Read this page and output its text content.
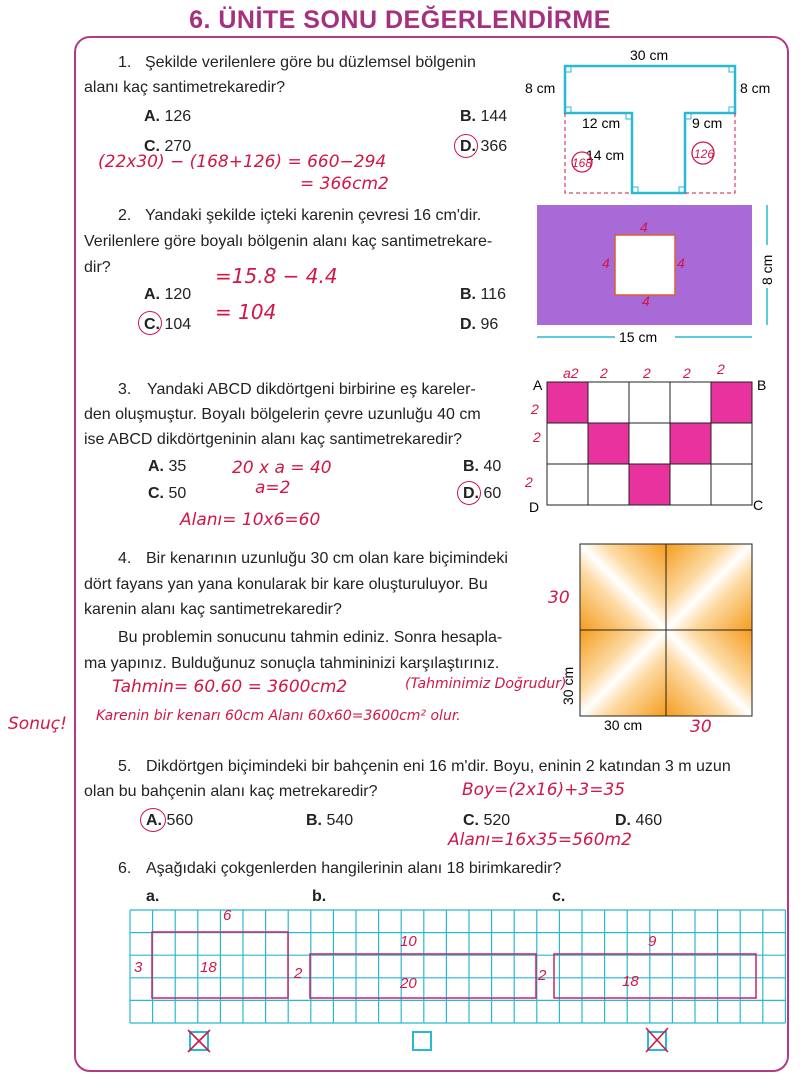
6. ÜNİTE SONU DEĞERLENDİRME
1. Şekilde verilenlere göre bu düzlemsel bölgenin
alanı kaç santimetrekaredir?
A. 126	B. 144
C. 270	D. 366
(22x30) − (168+126) = 660−294
= 366cm2
30 cm
8 cm	8 cm
12 cm	9 cm
14 cm
168
126
2. Yandaki şekilde içteki karenin çevresi 16 cm'dir.
Verilenlere göre boyalı bölgenin alanı kaç santimetrekare-
dir?
A. 120	B. 116
C. 104	D. 96
=15.8 − 4.4
= 104
4
4	4
4
15 cm
8 cm
3. Yandaki ABCD dikdörtgeni birbirine eş kareler-
den oluşmuştur. Boyalı bölgelerin çevre uzunluğu 40 cm
ise ABCD dikdörtgeninin alanı kaç santimetrekaredir?
A. 35	B. 40
C. 50	D. 60
20 x a = 40
a=2
Alanı= 10x6=60
a2 2	2 2 2
2
2
2
A	B
C
D
4. Bir kenarının uzunluğu 30 cm olan kare biçimindeki
dört fayans yan yana konularak bir kare oluşturuluyor. Bu
karenin alanı kaç santimetrekaredir?
Bu problemin sonucunu tahmin ediniz. Sonra hesapla-
ma yapınız. Bulduğunuz sonuçla tahmininizi karşılaştırınız.
Tahmin= 60.60 = 3600cm2	(Tahminimiz Doğrudur)
Karenin bir kenarı 60cm Alanı 60x60=3600cm² olur.
Sonuç!
30
30
30 cm
30 cm
5. Dikdörtgen biçimindeki bir bahçenin eni 16 m'dir. Boyu, eninin 2 katından 3 m uzun
olan bu bahçenin alanı kaç metrekaredir?
A. 560	B. 540	C. 520	D. 460
Boy=(2x16)+3=35
Alanı=16x35=560m2
6. Aşağıdaki çokgenlerden hangilerinin alanı 18 birimkaredir?
a.	b.	c.
6
3	18
10
2
20
9
2	18
